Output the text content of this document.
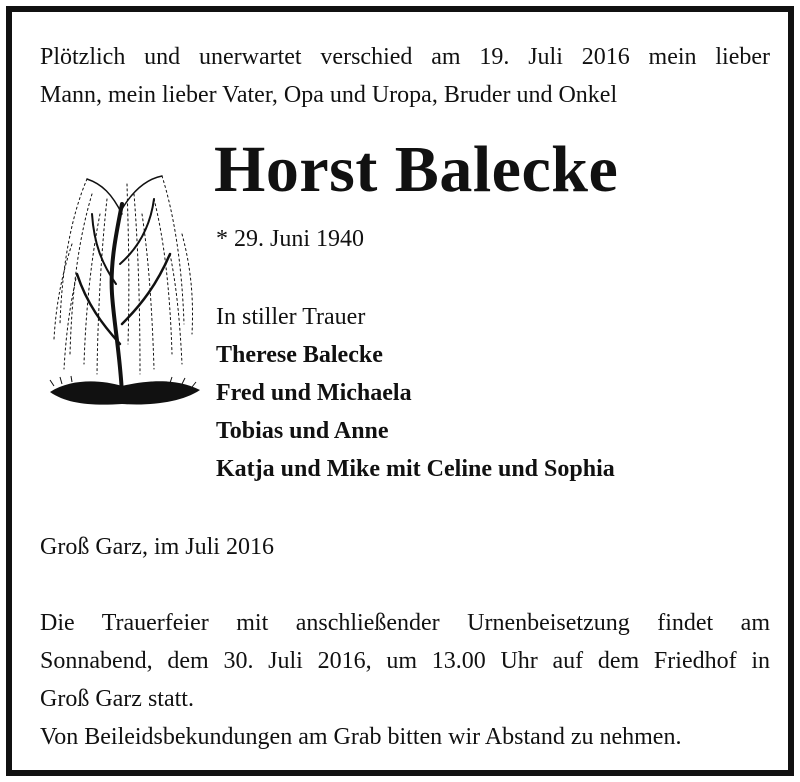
Plötzlich und unerwartet verschied am 19. Juli 2016 mein lieber
Mann, mein lieber Vater, Opa und Uropa, Bruder und Onkel

Horst Balecke
* 29. Juni 1940
In stiller Trauer
Therese Balecke
Fred und Michaela
Tobias und Anne
Katja und Mike mit Celine und Sophia
Groß Garz, im Juli 2016

Die Trauerfeier mit anschließender Urnenbeisetzung findet am
Sonnabend, dem 30. Juli 2016, um 13.00 Uhr auf dem Friedhof in
Groß Garz statt.
Von Beileidsbekundungen am Grab bitten wir Abstand zu nehmen.
